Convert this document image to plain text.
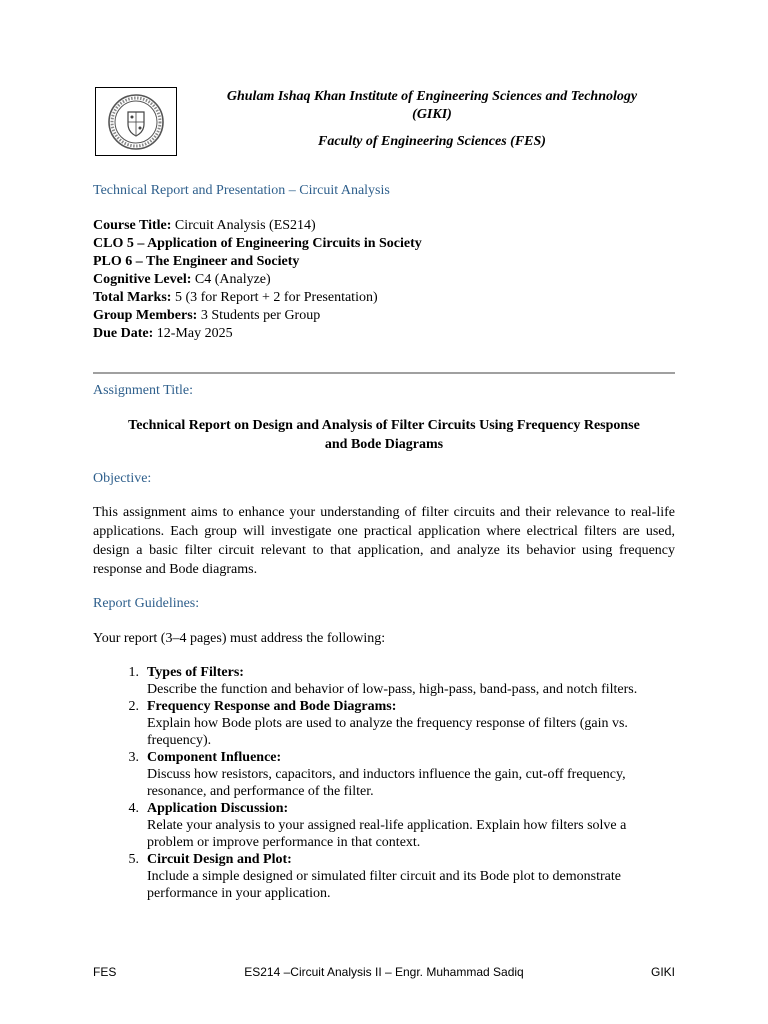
Ghulam Ishaq Khan Institute of Engineering Sciences and Technology
(GIKI)
Faculty of Engineering Sciences (FES)
Technical Report and Presentation – Circuit Analysis
Course Title: Circuit Analysis (ES214)
CLO 5 – Application of Engineering Circuits in Society
PLO 6 – The Engineer and Society
Cognitive Level: C4 (Analyze)
Total Marks: 5 (3 for Report + 2 for Presentation)
Group Members: 3 Students per Group
Due Date: 12-May 2025
Assignment Title:
Technical Report on Design and Analysis of Filter Circuits Using Frequency Response
and Bode Diagrams
Objective:
This assignment aims to enhance your understanding of filter circuits and their relevance to real-life applications. Each group will investigate one practical application where electrical filters are used, design a basic filter circuit relevant to that application, and analyze its behavior using frequency response and Bode diagrams.
Report Guidelines:
Your report (3–4 pages) must address the following:
1. Types of Filters:
Describe the function and behavior of low-pass, high-pass, band-pass, and notch filters.
2. Frequency Response and Bode Diagrams:
Explain how Bode plots are used to analyze the frequency response of filters (gain vs. frequency).
3. Component Influence:
Discuss how resistors, capacitors, and inductors influence the gain, cut-off frequency, resonance, and performance of the filter.
4. Application Discussion:
Relate your analysis to your assigned real-life application. Explain how filters solve a problem or improve performance in that context.
5. Circuit Design and Plot:
Include a simple designed or simulated filter circuit and its Bode plot to demonstrate performance in your application.
FES	ES214 –Circuit Analysis II – Engr. Muhammad Sadiq	GIKI
